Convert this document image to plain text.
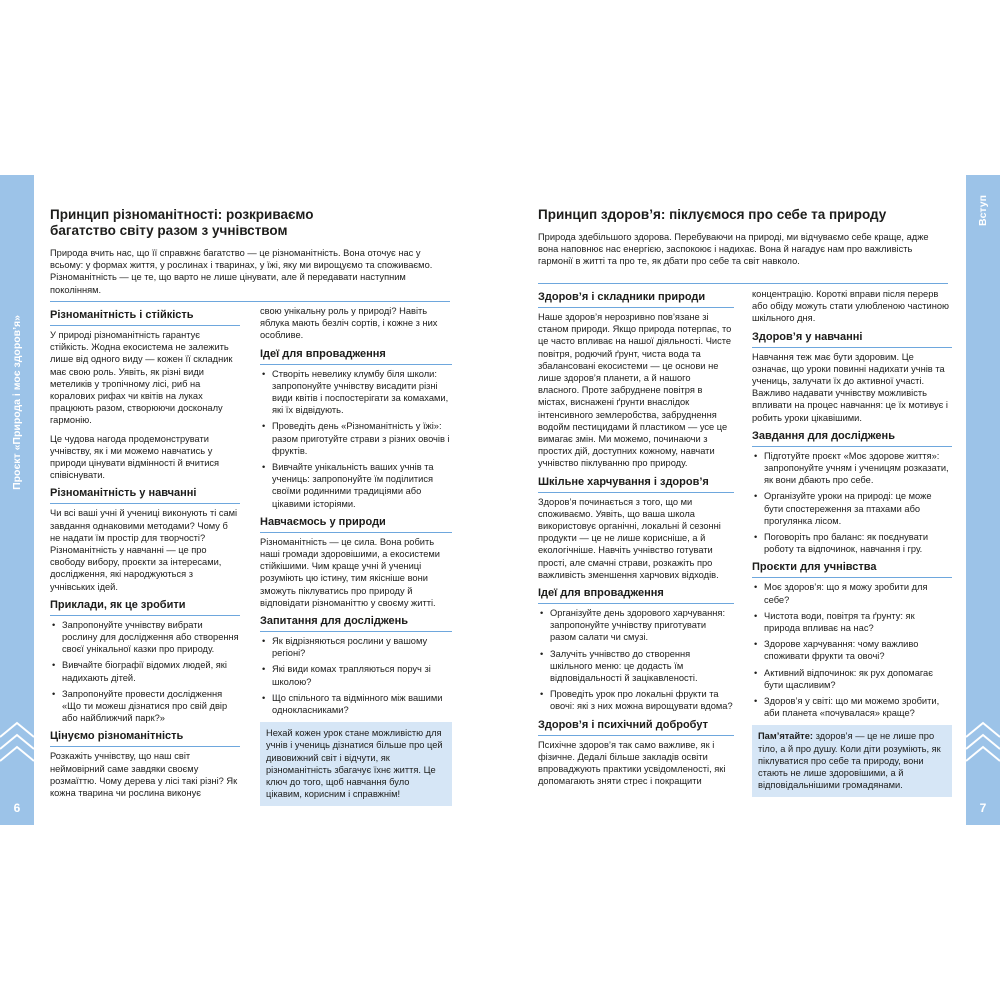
Проєкт «Природа і моє здоров’я»
6
Вступ
7
Принцип різноманітності: розкриваємо багатство світу разом з учнівством

Природа вчить нас, що її справжнє багатство — це різноманітність. Вона оточує нас у всьому: у формах життя, у рослинах і тваринах, у їжі, яку ми вирощуємо та споживаємо. Різноманітність — це те, що варто не лише цінувати, але й передавати наступним поколінням.

Різноманітність і стійкість

У природі різноманітність гарантує стійкість. Жодна екосистема не залежить лише від одного виду — кожен її складник має свою роль. Уявіть, як різні види метеликів у тропічному лісі, риб на коралових рифах чи квітів на луках працюють разом, створюючи досконалу гармонію.

Це чудова нагода продемонструвати учнівству, як і ми можемо навчатись у природи цінувати відмінності й вчитися співіснувати.

Різноманітність у навчанні

Чи всі ваші учні й учениці виконують ті самі завдання однаковими методами? Чому б не надати їм простір для творчості? Різноманітність у навчанні — це про свободу вибору, проєкти за інтересами, дослідження, які народжуються з учнівських ідей.

Приклади, як це зробити
• Запропонуйте учнівству вибрати рослину для дослідження або створення своєї унікальної казки про природу.
• Вивчайте біографії відомих людей, які надихають дітей.
• Запропонуйте провести дослідження «Що ти можеш дізнатися про свій двір або найближчий парк?»
Цінуємо різноманітність

Розкажіть учнівству, що наш світ неймовірний саме завдяки своєму розмаїттю. Чому дерева у лісі такі різні? Як кожна тварина чи рослина виконує

свою унікальну роль у природі? Навіть яблука мають безліч сортів, і кожне з них особливе.

Ідеї для впровадження
• Створіть невелику клумбу біля школи: запропонуйте учнівству висадити різні види квітів і поспостерігати за комахами, які їх відвідують.
• Проведіть день «Різноманітність у їжі»: разом приготуйте страви з різних овочів і фруктів.
• Вивчайте унікальність ваших учнів та учениць: запропонуйте їм поділитися своїми родинними традиціями або цікавими історіями.
Навчаємось у природи

Різноманітність — це сила. Вона робить наші громади здоровішими, а екосистеми стійкішими. Чим краще учні й учениці розуміють цю істину, тим якісніше вони зможуть піклуватись про природу й відповідати різноманіттю у своєму житті.

Запитання для досліджень
• Як відрізняються рослини у вашому регіоні?
• Які види комах трапляються поруч зі школою?
• Що спільного та відмінного між вашими однокласниками?
Нехай кожен урок стане можливістю для учнів і учениць дізнатися більше про цей дивовижний світ і відчути, як різноманітність збагачує їхнє життя. Це ключ до того, щоб навчання було цікавим, корисним і справжнім!
Принцип здоров’я: піклуємося про себе та природу

Природа здебільшого здорова. Перебуваючи на природі, ми відчуваємо себе краще, адже вона наповнює нас енергією, заспокоює і надихає. Вона й нагадує нам про важливість гармонії в житті та про те, як дбати про себе та світ навколо.

Здоров’я і складники природи

Наше здоров’я нерозривно пов’язане зі станом природи. Якщо природа потерпає, то це часто впливає на нашої діяльності. Чисте повітря, родючий ґрунт, чиста вода та збалансовані екосистеми — це основи не лише здоров’я планети, а й нашого власного. Проте забруднене повітря в містах, виснажені ґрунти внаслідок інтенсивного землеробства, забруднення водойм пестицидами й пластиком — усе це вимагає змін. Ми можемо, починаючи з простих дій, доступних кожному, навчати учнівство піклуванню про природу.

Шкільне харчування і здоров’я

Здоров’я починається з того, що ми споживаємо. Уявіть, що ваша школа використовує органічні, локальні й сезонні продукти — це не лише корисніше, а й екологічніше. Навчіть учнівство готувати прості, але смачні страви, розкажіть про важливість зменшення харчових відходів.

Ідеї для впровадження
• Організуйте день здорового харчування: запропонуйте учнівству приготувати разом салати чи смузі.
• Залучіть учнівство до створення шкільного меню: це додасть їм відповідальності й зацікавленості.
• Проведіть урок про локальні фрукти та овочі: які з них можна вирощувати вдома?
Здоров’я і психічний добробут

Психічне здоров’я так само важливе, як і фізичне. Дедалі більше закладів освіти впроваджують практики усвідомленості, які допомагають зняти стрес і покращити

концентрацію. Короткі вправи після перерв або обіду можуть стати улюбленою частиною шкільного дня.

Здоров’я у навчанні

Навчання теж має бути здоровим. Це означає, що уроки повинні надихати учнів та учениць, залучати їх до активної участі. Важливо надавати учнівству можливість впливати на процес навчання: це їх мотивує і робить уроки цікавішими.

Завдання для досліджень
• Підготуйте проєкт «Моє здорове життя»: запропонуйте учням і ученицям розказати, як вони дбають про себе.
• Організуйте уроки на природі: це може бути спостереження за птахами або прогулянка лісом.
• Поговоріть про баланс: як поєднувати роботу та відпочинок, навчання і гру.
Проєкти для учнівства
• Моє здоров’я: що я можу зробити для себе?
• Чистота води, повітря та ґрунту: як природа впливає на нас?
• Здорове харчування: чому важливо споживати фрукти та овочі?
• Активний відпочинок: як рух допомагає бути щасливим?
• Здоров’я у світі: що ми можемо зробити, аби планета «почувалася» краще?
Пам’ятайте: здоров’я — це не лише про тіло, а й про душу. Коли діти розуміють, як піклуватися про себе та природу, вони стають не лише здоровішими, а й відповідальнішими громадянами.
